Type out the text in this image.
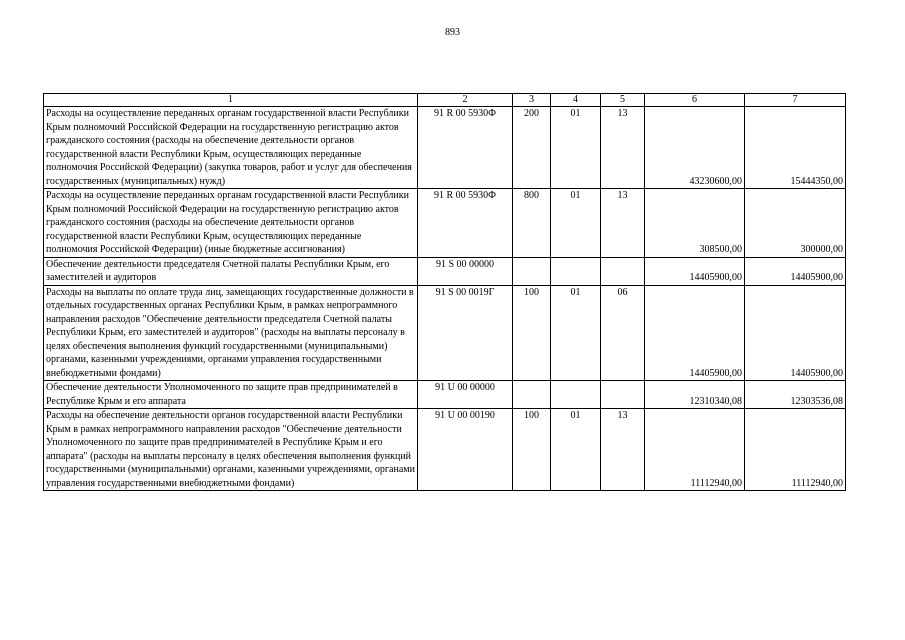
893
1	2	3	4	5	6	7
Расходы на осуществление переданных органам государственной власти Республики Крым полномочий Российской Федерации на государственную регистрацию актов гражданского состояния (расходы на обеспечение деятельности органов государственной власти Республики Крым, осуществляющих переданные полномочия Российской Федерации) (закупка товаров, работ и услуг для обеспечения государственных (муниципальных) нужд)	91 R 00 5930Ф	200	01	13	43230600,00	15444350,00
Расходы на осуществление переданных органам государственной власти Республики Крым полномочий Российской Федерации на государственную регистрацию актов гражданского состояния (расходы на обеспечение деятельности органов государственной власти Республики Крым, осуществляющих переданные полномочия Российской Федерации) (иные бюджетные ассигнования)	91 R 00 5930Ф	800	01	13	308500,00	300000,00
Обеспечение деятельности председателя Счетной палаты Республики Крым, его заместителей и аудиторов	91 S 00 00000				14405900,00	14405900,00
Расходы на выплаты по оплате труда лиц, замещающих государственные должности в отдельных государственных органах Республики Крым, в рамках непрограммного направления расходов "Обеспечение деятельности председателя Счетной палаты Республики Крым, его заместителей и аудиторов" (расходы на выплаты персоналу в целях обеспечения выполнения функций государственными (муниципальными) органами, казенными учреждениями, органами управления государственными внебюджетными фондами)	91 S 00 0019Г	100	01	06	14405900,00	14405900,00
Обеспечение деятельности Уполномоченного по защите прав предпринимателей в Республике Крым и его аппарата	91 U 00 00000				12310340,08	12303536,08
Расходы на обеспечение деятельности органов государственной власти Республики Крым в рамках непрограммного направления расходов "Обеспечение деятельности Уполномоченного по защите прав предпринимателей в Республике Крым и его аппарата" (расходы на выплаты персоналу в целях обеспечения выполнения функций государственными (муниципальными) органами, казенными учреждениями, органами управления государственными внебюджетными фондами)	91 U 00 00190	100	01	13	11112940,00	11112940,00
